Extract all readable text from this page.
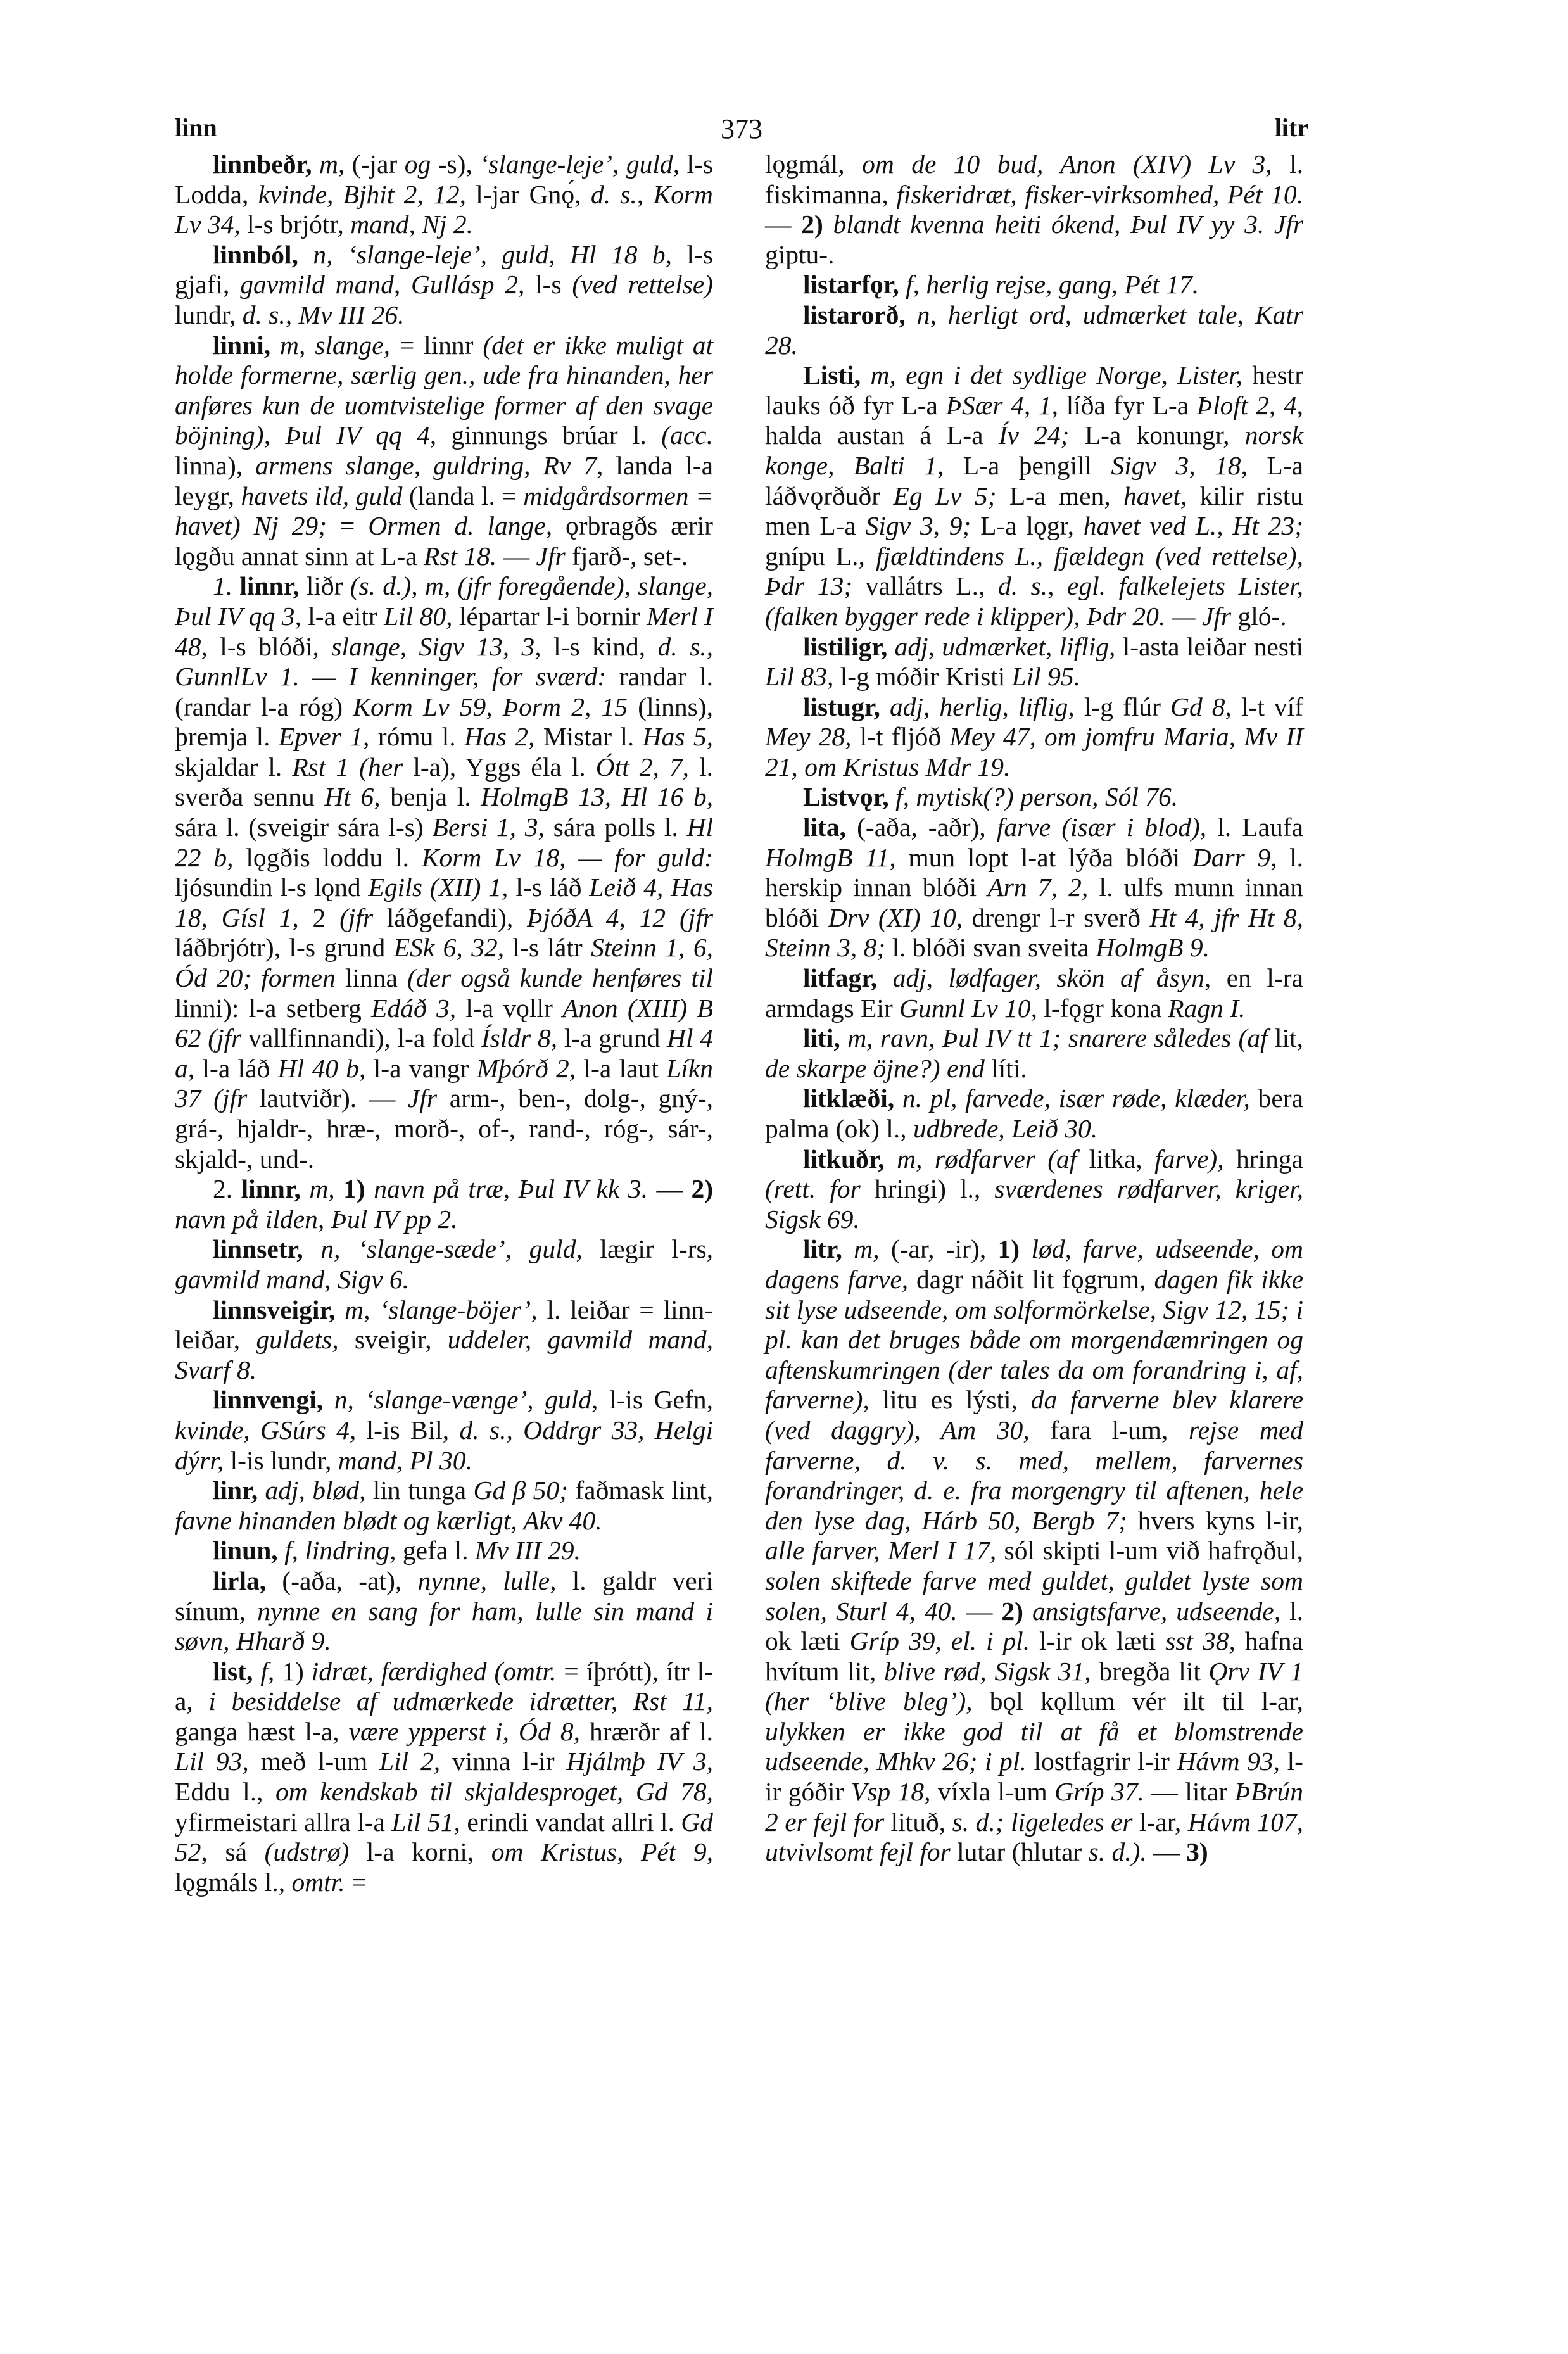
linn	373	litr

linnbeðr, m, (-jar og -s), ‘slange-leje’, guld, l-s Lodda, kvinde, Bjhit 2, 12, l-jar Gnǫ́, d. s., Korm Lv 34, l-s brjótr, mand, Nj 2.

linnból, n, ‘slange-leje’, guld, Hl 18 b, l-s gjafi, gavmild mand, Gullásp 2, l-s (ved rettelse) lundr, d. s., Mv III 26.

linni, m, slange, = linnr (det er ikke muligt at holde formerne, særlig gen., ude fra hinanden, her anføres kun de uomtvistelige former af den svage böjning), Þul IV qq 4, ginnungs brúar l. (acc. linna), armens slange, guldring, Rv 7, landa l-a leygr, havets ild, guld (landa l. = midgårdsormen = havet) Nj 29; = Ormen d. lange, ǫrbragðs ærir lǫgðu annat sinn at L-a Rst 18. — Jfr fjarð-, set-.

1. linnr, liðr (s. d.), m, (jfr foregående), slange, Þul IV qq 3, l-a eitr Lil 80, lépartar l-i bornir Merl I 48, l-s blóði, slange, Sigv 13, 3, l-s kind, d. s., GunnlLv 1. — I kenninger, for sværd: randar l. (randar l-a róg) Korm Lv 59, Þorm 2, 15 (linns), þremja l. Epver 1, rómu l. Has 2, Mistar l. Has 5, skjaldar l. Rst 1 (her l-a), Yggs éla l. Ótt 2, 7, l. sverða sennu Ht 6, benja l. HolmgB 13, Hl 16 b, sára l. (sveigir sára l-s) Bersi 1, 3, sára polls l. Hl 22 b, lǫgðis loddu l. Korm Lv 18, — for guld: ljósundin l-s lǫnd Egils (XII) 1, l-s láð Leið 4, Has 18, Gísl 1, 2 (jfr láðgefandi), ÞjóðA 4, 12 (jfr láðbrjótr), l-s grund ESk 6, 32, l-s látr Steinn 1, 6, Ód 20; formen linna (der også kunde henføres til linni): l-a setberg Edáð 3, l-a vǫllr Anon (XIII) B 62 (jfr vallfinnandi), l-a fold Ísldr 8, l-a grund Hl 4 a, l-a láð Hl 40 b, l-a vangr Mþórð 2, l-a laut Líkn 37 (jfr lautviðr). — Jfr arm-, ben-, dolg-, gný-, grá-, hjaldr-, hræ-, morð-, of-, rand-, róg-, sár-, skjald-, und-.

2. linnr, m, 1) navn på træ, Þul IV kk 3. — 2) navn på ilden, Þul IV pp 2.

linnsetr, n, ‘slange-sæde’, guld, lægir l-rs, gavmild mand, Sigv 6.

linnsveigir, m, ‘slange-böjer’, l. leiðar = linn-leiðar, guldets, sveigir, uddeler, gavmild mand, Svarf 8.

linnvengi, n, ‘slange-vænge’, guld, l-is Gefn, kvinde, GSúrs 4, l-is Bil, d. s., Oddrgr 33, Helgi dýrr, l-is lundr, mand, Pl 30.

linr, adj, blød, lin tunga Gd β 50; faðmask lint, favne hinanden blødt og kærligt, Akv 40.

linun, f, lindring, gefa l. Mv III 29.

lirla, (-aða, -at), nynne, lulle, l. galdr veri sínum, nynne en sang for ham, lulle sin mand i søvn, Hharð 9.

list, f, 1) idræt, færdighed (omtr. = íþrótt), ítr l-a, i besiddelse af udmærkede idrætter, Rst 11, ganga hæst l-a, være ypperst i, Ód 8, hrærðr af l. Lil 93, með l-um Lil 2, vinna l-ir Hjálmþ IV 3, Eddu l., om kendskab til skjaldesproget, Gd 78, yfirmeistari allra l-a Lil 51, erindi vandat allri l. Gd 52, sá (udstrø) l-a korni, om Kristus, Pét 9, lǫgmáls l., omtr. =

lǫgmál, om de 10 bud, Anon (XIV) Lv 3, l. fiskimanna, fiskeridræt, fisker-virksomhed, Pét 10. — 2) blandt kvenna heiti ókend, Þul IV yy 3. Jfr giptu-.

listarfǫr, f, herlig rejse, gang, Pét 17.

listarorð, n, herligt ord, udmærket tale, Katr 28.

Listi, m, egn i det sydlige Norge, Lister, hestr lauks óð fyr L-a ÞSær 4, 1, líða fyr L-a Þloft 2, 4, halda austan á L-a Ív 24; L-a konungr, norsk konge, Balti 1, L-a þengill Sigv 3, 18, L-a láðvǫrðuðr Eg Lv 5; L-a men, havet, kilir ristu men L-a Sigv 3, 9; L-a lǫgr, havet ved L., Ht 23; gnípu L., fjældtindens L., fjældegn (ved rettelse), Þdr 13; vallátrs L., d. s., egl. falkelejets Lister, (falken bygger rede i klipper), Þdr 20. — Jfr gló-.

listiligr, adj, udmærket, liflig, l-asta leiðar nesti Lil 83, l-g móðir Kristi Lil 95.

listugr, adj, herlig, liflig, l-g flúr Gd 8, l-t víf Mey 28, l-t fljóð Mey 47, om jomfru Maria, Mv II 21, om Kristus Mdr 19.

Listvǫr, f, mytisk(?) person, Sól 76.

lita, (-aða, -aðr), farve (især i blod), l. Laufa HolmgB 11, mun lopt l-at lýða blóði Darr 9, l. herskip innan blóði Arn 7, 2, l. ulfs munn innan blóði Drv (XI) 10, drengr l-r sverð Ht 4, jfr Ht 8, Steinn 3, 8; l. blóði svan sveita HolmgB 9.

litfagr, adj, lødfager, skön af åsyn, en l-ra armdags Eir Gunnl Lv 10, l-fǫgr kona Ragn I.

liti, m, ravn, Þul IV tt 1; snarere således (af lit, de skarpe öjne?) end líti.

litklæði, n. pl, farvede, især røde, klæder, bera palma (ok) l., udbrede, Leið 30.

litkuðr, m, rødfarver (af litka, farve), hringa (rett. for hringi) l., sværdenes rødfarver, kriger, Sigsk 69.

litr, m, (-ar, -ir), 1) lød, farve, udseende, om dagens farve, dagr náðit lit fǫgrum, dagen fik ikke sit lyse udseende, om solformörkelse, Sigv 12, 15; i pl. kan det bruges både om morgendæmringen og aftenskumringen (der tales da om forandring i, af, farverne), litu es lýsti, da farverne blev klarere (ved daggry), Am 30, fara l-um, rejse med farverne, d. v. s. med, mellem, farvernes forandringer, d. e. fra morgengry til aftenen, hele den lyse dag, Hárb 50, Bergb 7; hvers kyns l-ir, alle farver, Merl I 17, sól skipti l-um við hafrǫðul, solen skiftede farve med guldet, guldet lyste som solen, Sturl 4, 40. — 2) ansigtsfarve, udseende, l. ok læti Gríp 39, el. i pl. l-ir ok læti sst 38, hafna hvítum lit, blive rød, Sigsk 31, bregða lit Ǫrv IV 1 (her ‘blive bleg’), bǫl kǫllum vér ilt til l-ar, ulykken er ikke god til at få et blomstrende udseende, Mhkv 26; i pl. lostfagrir l-ir Hávm 93, l-ir góðir Vsp 18, víxla l-um Gríp 37. — litar ÞBrún 2 er fejl for lituð, s. d.; ligeledes er l-ar, Hávm 107, utvivlsomt fejl for lutar (hlutar s. d.). — 3)
